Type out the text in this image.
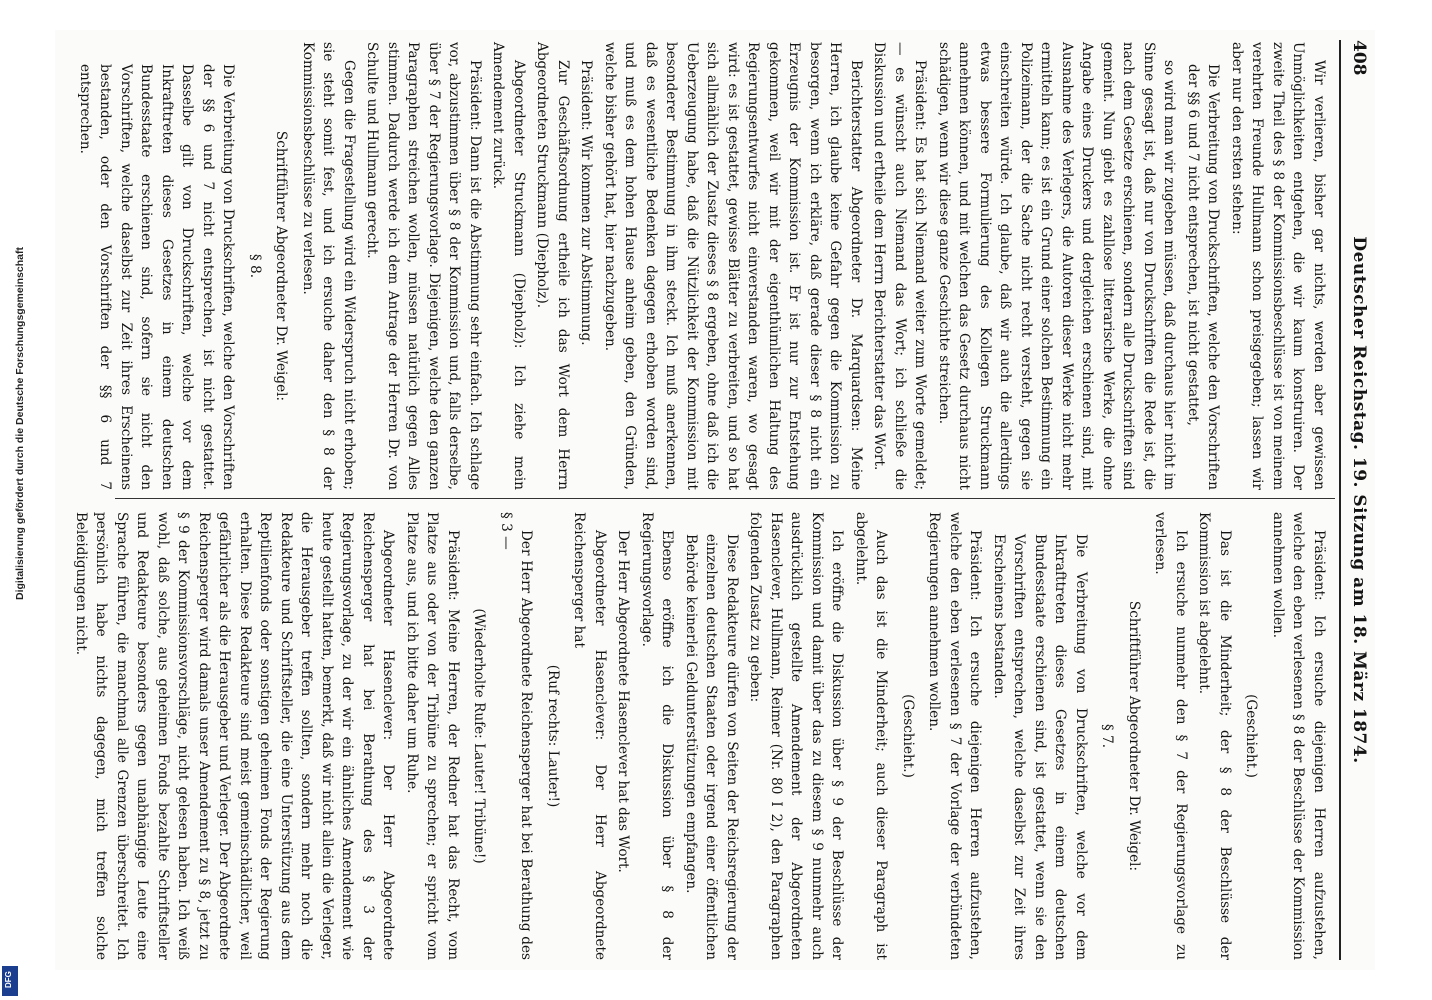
408
Deutscher Reichstag. 19. Sitzung am 18. März 1874.

Wir verlieren, bisher gar nichts, werden aber gewissen Unmöglichkeiten entgehen, die wir kaum konstruiren. Der zweite Theil des § 8 der Kommissionsbeschlüsse ist von meinem verehrten Freunde Hullmann schon preisgegeben; lassen wir aber nur den ersten stehen:

Die Verbreitung von Druckschriften, welche den Vorschriften der §§ 6 und 7 nicht entsprechen, ist nicht gestattet,

so wird man wir zugeben müssen, daß durchaus hier nicht im Sinne gesagt ist, daß nur von Druckschriften die Rede ist, die nach dem Gesetze erschienen, sondern alle Druckschriften sind gemeint. Nun giebt es zahllose litterarische Werke, die ohne Angabe eines Druckers und dergleichen erschienen sind, mit Ausnahme des Verlegers, die Autoren dieser Werke nicht mehr ermitteln kann; es ist ein Grund einer solchen Bestimmung ein Polizeimann, der die Sache nicht recht versteht, gegen sie einschreiten würde. Ich glaube, daß wir auch die allerdings etwas bessere Formulierung des Kollegen Struckmann annehmen können, und mit welchen das Gesetz durchaus nicht schädigen, wenn wir diese ganze Geschichte streichen.

Präsident: Es hat sich Niemand weiter zum Worte gemeldet; — es wünscht auch Niemand das Wort; ich schließe die Diskussion und ertheile dem Herrn Berichterstatter das Wort.

Berichterstatter Abgeordneter Dr. Marquardsen: Meine Herren, ich glaube keine Gefahr gegen die Kommission zu besorgen, wenn ich erkläre, daß gerade dieser § 8 nicht ein Erzeugnis der Kommission ist. Er ist nur zur Entstehung gekommen, weil wir mit der eigenthümlichen Haltung des Regierungsentwurfes nicht einverstanden waren, wo gesagt wird: es ist gestattet, gewisse Blätter zu verbreiten, und so hat sich allmählich der Zusatz dieses § 8 ergeben, ohne daß ich die Ueberzeugung habe, daß die Nützlichkeit der Kommission mit besonderer Bestimmung in ihm steckt. Ich muß anerkennen, daß es wesentliche Bedenken dagegen erhoben worden sind, und muß es dem hohen Hause anheim geben, den Gründen, welche bisher gehört hat, hier nachzugeben.

Präsident: Wir kommen zur Abstimmung.

Zur Geschäftsordnung ertheile ich das Wort dem Herrn Abgeordneten Struckmann (Diepholz).

Abgeordneter Struckmann (Diepholz): Ich ziehe mein Amendement zurück.

Präsident: Dann ist die Abstimmung sehr einfach. Ich schlage vor, abzustimmen über § 8 der Kommission und, falls derselbe, über § 7 der Regierungsvorlage. Diejenigen, welche den ganzen Paragraphen streichen wollen, müssen natürlich gegen Alles stimmen. Dadurch werde ich dem Antrage der Herren Dr. von Schulte und Hullmann gerecht.

Gegen die Fragestellung wird ein Widerspruch nicht erhoben; sie steht somit fest, und ich ersuche daher den § 8 der Kommissionsbeschlüsse zu verlesen.

Schriftführer Abgeordneter Dr. Weigel:

§ 8.

Die Verbreitung von Druckschriften, welche den Vorschriften der §§ 6 und 7 nicht entsprechen, ist nicht gestattet. Dasselbe gilt von Druckschriften, welche vor dem Inkrafttreten dieses Gesetzes in einem deutschen Bundesstaate erschienen sind, sofern sie nicht den Vorschriften, welche daselbst zur Zeit ihres Erscheinens bestanden, oder den Vorschriften der §§ 6 und 7 entsprechen.

Präsident: Ich ersuche diejenigen Herren aufzustehen, welche den eben verlesenen § 8 der Beschlüsse der Kommission annehmen wollen.

(Geschieht.)

Das ist die Minderheit; der § 8 der Beschlüsse der Kommission ist abgelehnt.

Ich ersuche nunmehr den § 7 der Regierungsvorlage zu verlesen.

Schriftführer Abgeordneter Dr. Weigel:

§ 7.

Die Verbreitung von Druckschriften, welche vor dem Inkrafttreten dieses Gesetzes in einem deutschen Bundesstaate erschienen sind, ist gestattet, wenn sie den Vorschriften entsprechen, welche daselbst zur Zeit ihres Erscheinens bestanden.

Präsident: Ich ersuche diejenigen Herren aufzustehen, welche den eben verlesenen § 7 der Vorlage der verbündeten Regierungen annehmen wollen.

(Geschieht.)

Auch das ist die Minderheit; auch dieser Paragraph ist abgelehnt.

Ich eröffne die Diskussion über § 9 der Beschlüsse der Kommission und damit über das zu diesem § 9 nunmehr auch ausdrücklich gestellte Amendement der Abgeordneten Hasenclever, Hullmann, Reimer (Nr. 80 I 2), den Paragraphen folgenden Zusatz zu geben:

Diese Redakteure dürfen von Seiten der Reichsregierung der einzelnen deutschen Staaten oder irgend einer öffentlichen Behörde keinerlei Geldunterstützungen empfangen.

Ebenso eröffne ich die Diskussion über § 8 der Regierungsvorlage.

Der Herr Abgeordnete Hasenclever hat das Wort.

Abgeordneter Hasenclever: Der Herr Abgeordnete Reichensperger hat

(Ruf rechts: Lauter!)

Der Herr Abgeordnete Reichensperger hat bei Berathung des § 3 —

(Wiederholte Rufe: Lauter! Tribüne!)

Präsident: Meine Herren, der Redner hat das Recht, vom Platze aus oder von der Tribüne zu sprechen; er spricht vom Platze aus, und ich bitte daher um Ruhe.

Abgeordneter Hasenclever: Der Herr Abgeordnete Reichensperger hat bei Berathung des § 3 der Regierungsvorlage, zu der wir ein ähnliches Amendement wie heute gestellt hatten, bemerkt, daß wir nicht allein die Verleger, die Herausgeber treffen sollten, sondern mehr noch die Redakteure und Schriftsteller, die eine Unterstützung aus dem Reptilienfonds oder sonstigen geheimen Fonds der Regierung erhalten. Diese Redakteure sind meist gemeinschädlicher, weil gefährlicher als die Herausgeber und Verleger. Der Abgeordnete Reichensperger wird damals unser Amendement zu § 8, jetzt zu § 9 der Kommissionsvorschläge, nicht gelesen haben. Ich weiß wohl, daß solche, aus geheimen Fonds bezahlte Schriftsteller und Redakteure besonders gegen unabhängige Leute eine Sprache führen, die manchmal alle Grenzen überschreitet. Ich persönlich habe nichts dagegen, mich treffen solche Beleidigungen nicht.

Digitalisierung gefördert durch die Deutsche Forschungsgemeinschaft
DFG
